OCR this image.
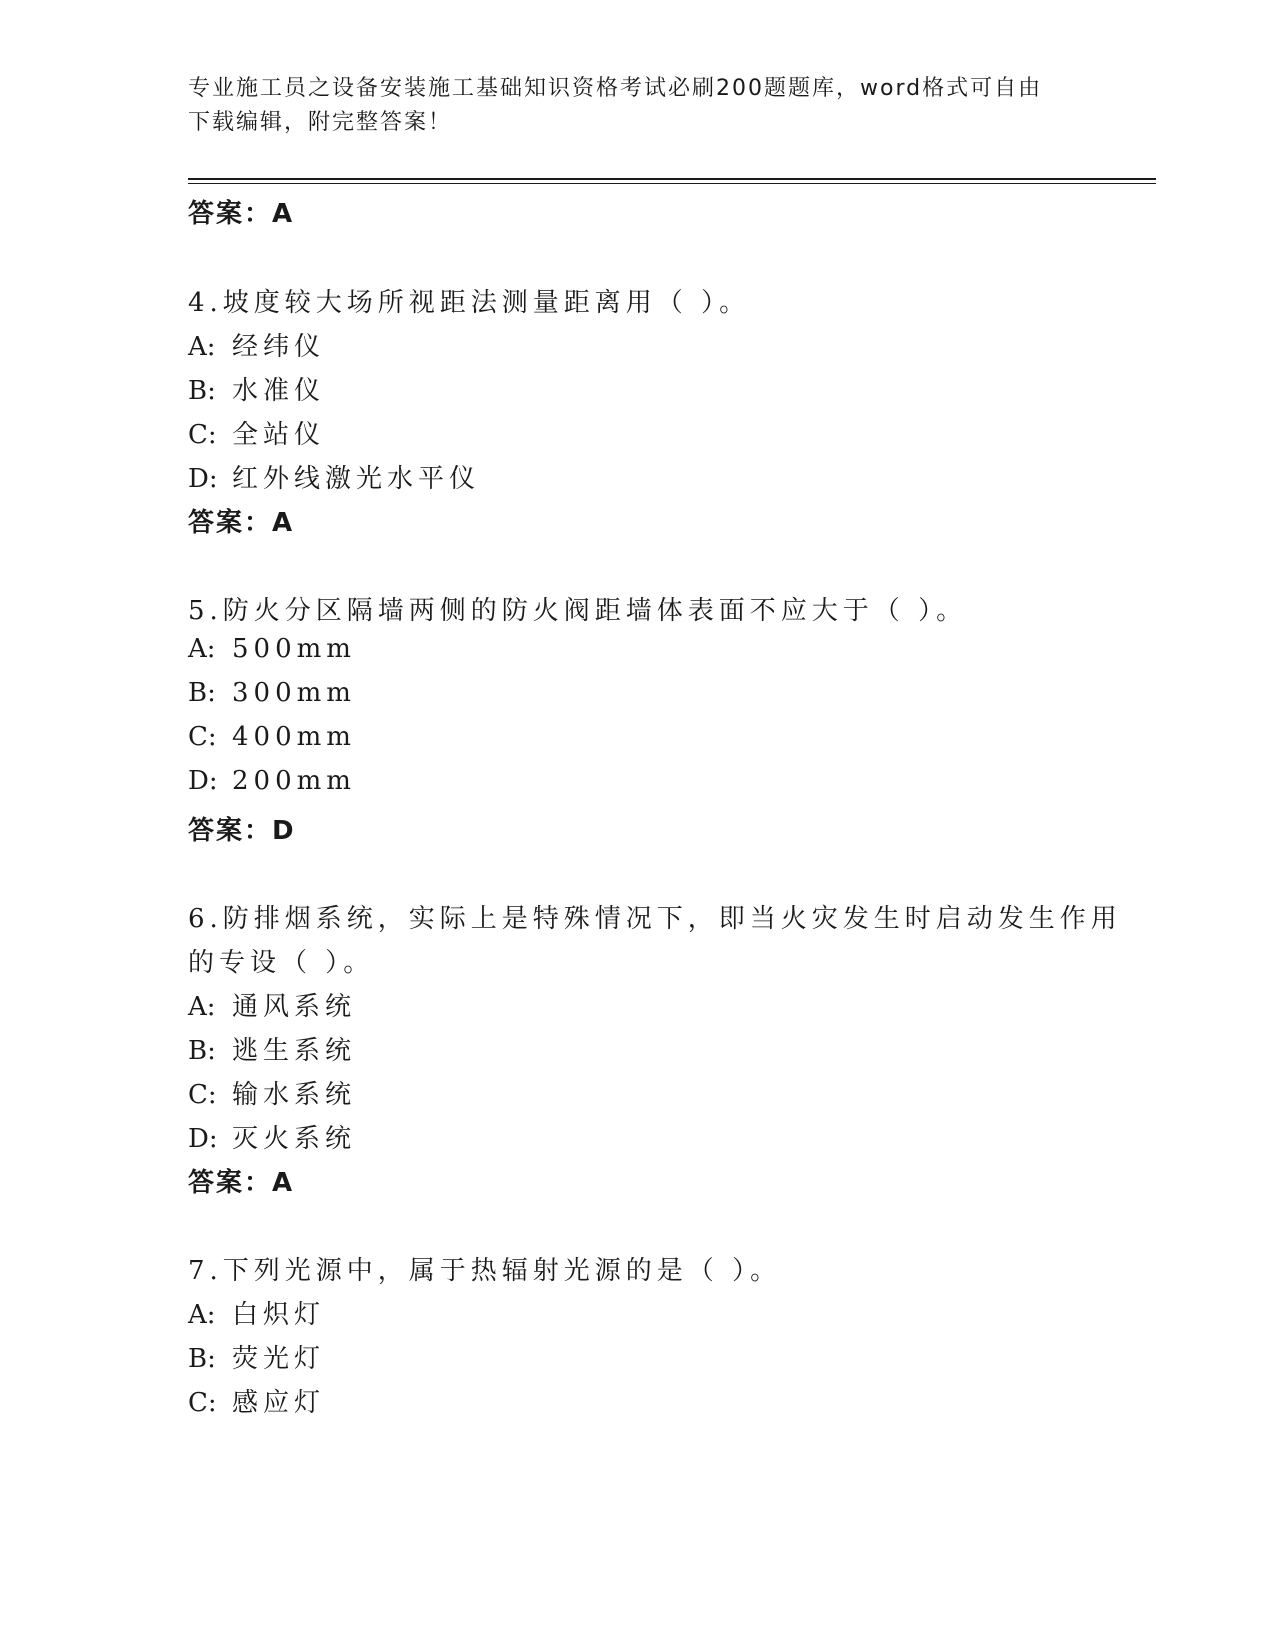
专业施工员之设备安装施工基础知识资格考试必刷200题题库，word格式可自由
下载编辑，附完整答案！
答案：A
4.坡度较大场所视距法测量距离用（ ）。
A: 经纬仪
B: 水准仪
C: 全站仪
D: 红外线激光水平仪
答案：A
5.防火分区隔墙两侧的防火阀距墙体表面不应大于（ ）。
A: 500mm
B: 300mm
C: 400mm
D: 200mm
答案：D
6.防排烟系统，实际上是特殊情况下，即当火灾发生时启动发生作用
的专设（ ）。
A: 通风系统
B: 逃生系统
C: 输水系统
D: 灭火系统
答案：A
7.下列光源中，属于热辐射光源的是（ ）。
A: 白炽灯
B: 荧光灯
C: 感应灯
